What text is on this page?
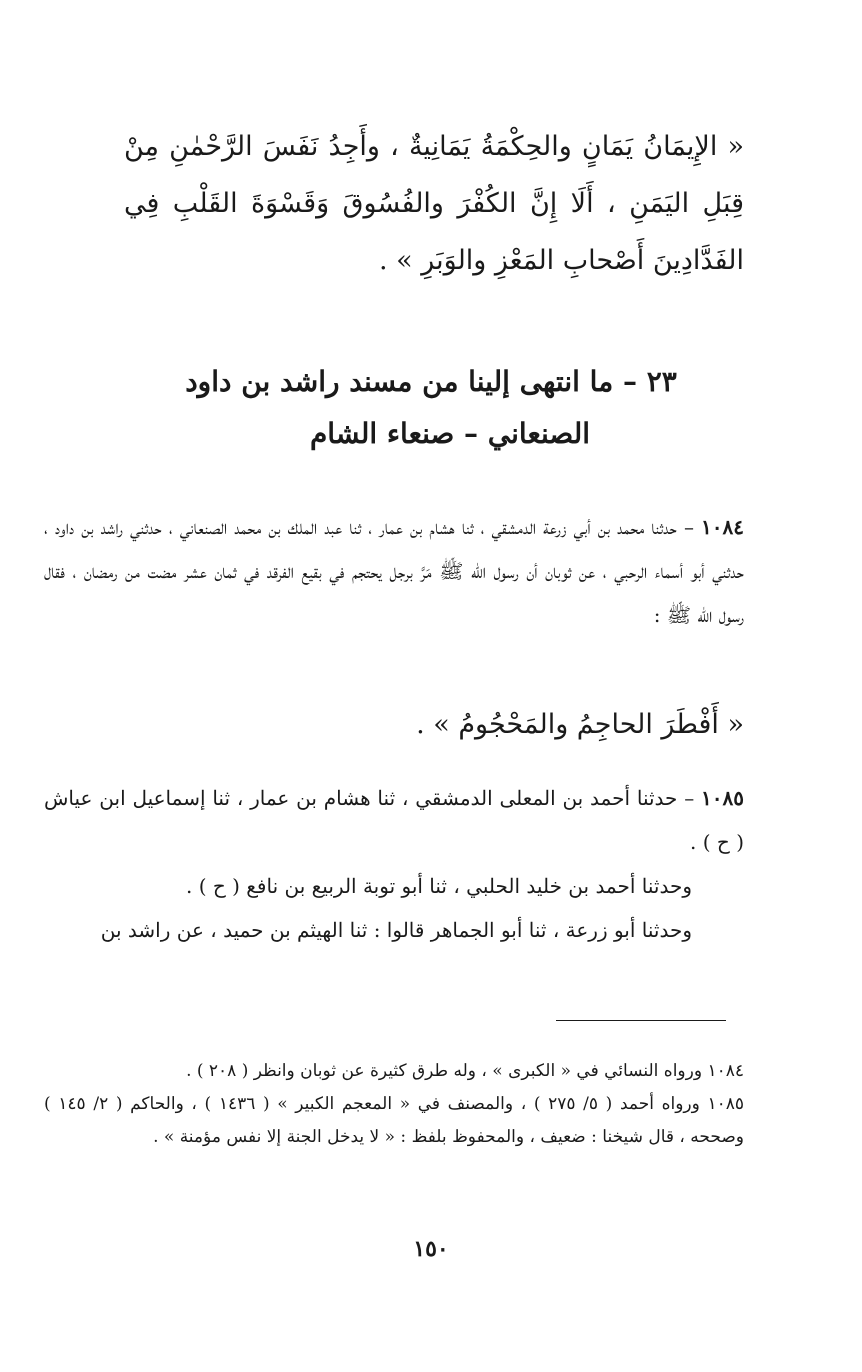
« الإِيمَانُ يَمَانٍ والحِكْمَةُ يَمَانِيةٌ ، وأَجِدُ نَفَسَ الرَّحْمٰنِ مِنْ قِبَلِ اليَمَنِ ، أَلَا إِنَّ الكُفْرَ والفُسُوقَ وَقَسْوَةَ القَلْبِ فِي الفَدَّادِينَ أَصْحابِ المَعْزِ والوَبَرِ » .
٢٣ – ما انتهى إلينا من مسند راشد بن داود
الصنعاني – صنعاء الشام
١٠٨٤ – حدثنا محمد بن أبي زرعة الدمشقي ، ثنا هشام بن عمار ، ثنا عبد الملك بن محمد الصنعاني ، حدثني راشد بن داود ، حدثني أبو أسماء الرحبي ، عن ثوبان أن رسول الله ﷺ مَرَّ برجل يحتجم في بقيع الفرقد في ثمان عشر مضت من رمضان ، فقال رسول الله ﷺ :
« أَفْطَرَ الحاجِمُ والمَحْجُومُ » .

١٠٨٥ – حدثنا أحمد بن المعلى الدمشقي ، ثنا هشام بن عمار ، ثنا إسماعيل ابن عياش ( ح ) .

وحدثنا أحمد بن خليد الحلبي ، ثنا أبو توبة الربيع بن نافع ( ح ) .

وحدثنا أبو زرعة ، ثنا أبو الجماهر قالوا : ثنا الهيثم بن حميد ، عن راشد بن

١٠٨٤ ورواه النسائي في « الكبرى » ، وله طرق كثيرة عن ثوبان وانظر ( ٢٠٨ ) .

١٠٨٥ ورواه أحمد ( ٥/ ٢٧٥ ) ، والمصنف في « المعجم الكبير » ( ١٤٣٦ ) ، والحاكم ( ٢/ ١٤٥ ) وصححه ، قال شيخنا : ضعيف ، والمحفوظ بلفظ : « لا يدخل الجنة إلا نفس مؤمنة » .

١٥٠
